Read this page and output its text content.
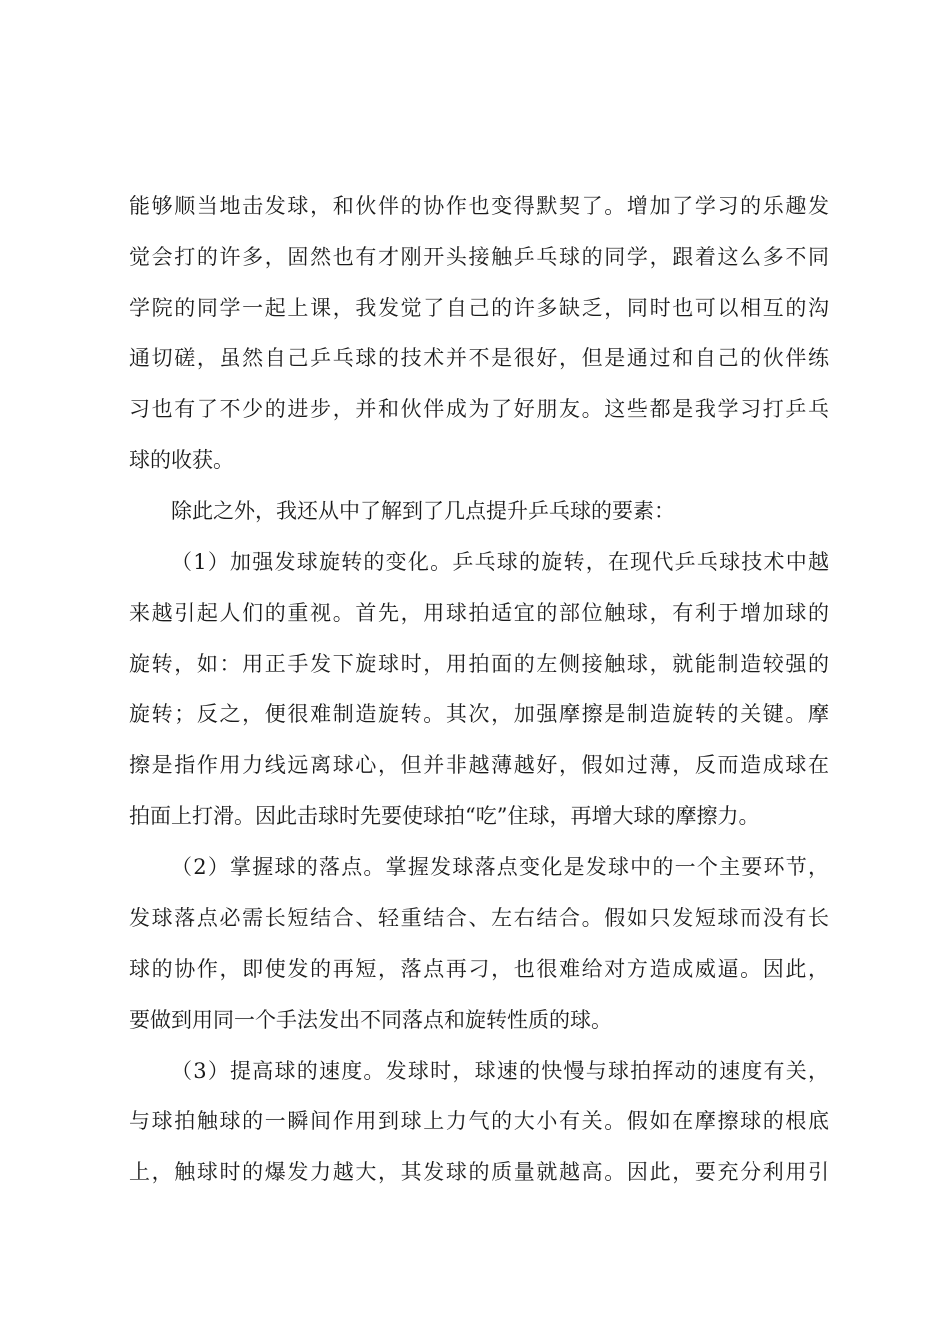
能够顺当地击发球，和伙伴的协作也变得默契了。增加了学习的乐趣发
觉会打的许多，固然也有才刚开头接触乒乓球的同学，跟着这么多不同
学院的同学一起上课，我发觉了自己的许多缺乏，同时也可以相互的沟
通切磋，虽然自己乒乓球的技术并不是很好，但是通过和自己的伙伴练
习也有了不少的进步，并和伙伴成为了好朋友。这些都是我学习打乒乓
球的收获。
除此之外，我还从中了解到了几点提升乒乓球的要素：
（1）加强发球旋转的变化。乒乓球的旋转，在现代乒乓球技术中越
来越引起人们的重视。首先，用球拍适宜的部位触球，有利于增加球的
旋转，如：用正手发下旋球时，用拍面的左侧接触球，就能制造较强的
旋转；反之，便很难制造旋转。其次，加强摩擦是制造旋转的关键。摩
擦是指作用力线远离球心，但并非越薄越好，假如过薄，反而造成球在
拍面上打滑。因此击球时先要使球拍“吃”住球，再增大球的摩擦力。
（2）掌握球的落点。掌握发球落点变化是发球中的一个主要环节，
发球落点必需长短结合、轻重结合、左右结合。假如只发短球而没有长
球的协作，即使发的再短，落点再刁，也很难给对方造成威逼。因此，
要做到用同一个手法发出不同落点和旋转性质的球。
（3）提高球的速度。发球时，球速的快慢与球拍挥动的速度有关，
与球拍触球的一瞬间作用到球上力气的大小有关。假如在摩擦球的根底
上，触球时的爆发力越大，其发球的质量就越高。因此，要充分利用引
